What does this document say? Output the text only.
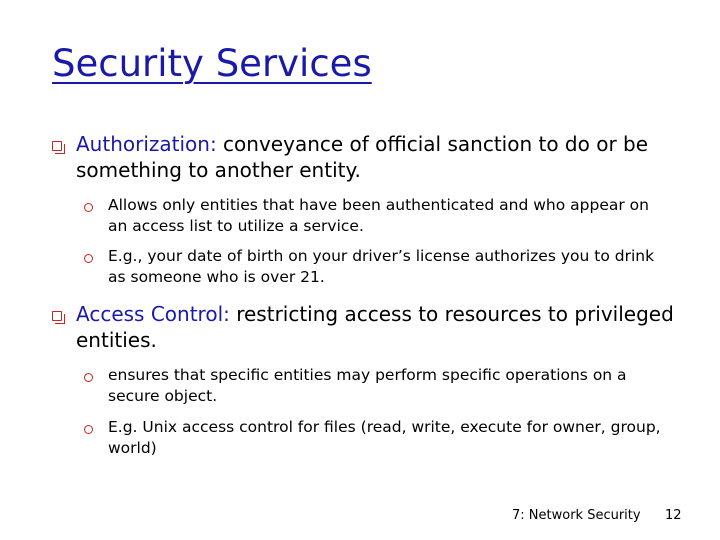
Security Services
Authorization: conveyance of official sanction to do or be something to another entity.
Allows only entities that have been authenticated and who appear on an access list to utilize a service.
E.g., your date of birth on your driver’s license authorizes you to drink as someone who is over 21.
Access Control: restricting access to resources to privileged entities.
ensures that specific entities may perform specific operations on a secure object.
E.g. Unix access control for files (read, write, execute for owner, group, world)
7: Network Security 12
